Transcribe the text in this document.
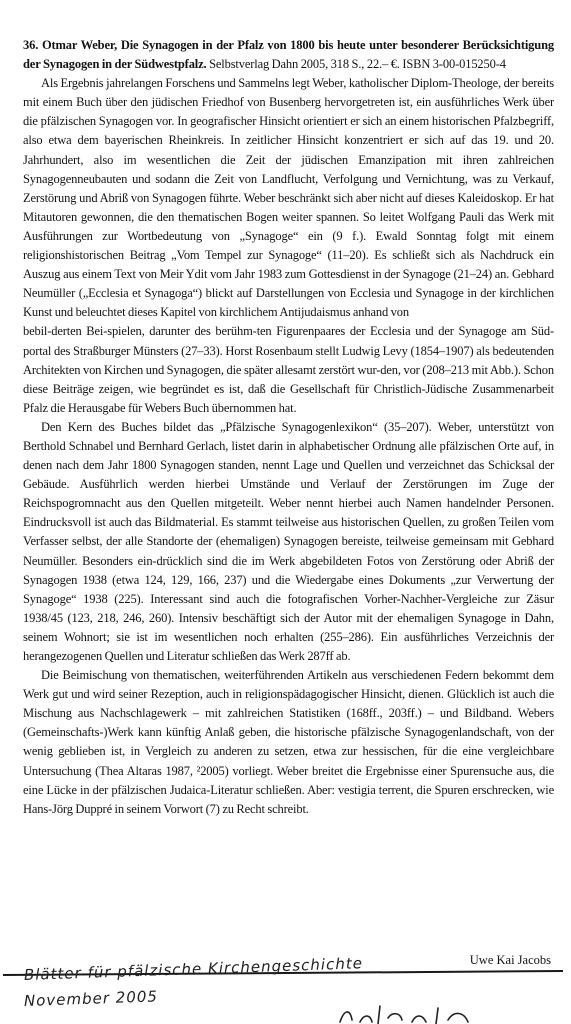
36. Otmar Weber, Die Synagogen in der Pfalz von 1800 bis heute unter besonderer Berücksichtigung der Synagogen in der Südwestpfalz. Selbstverlag Dahn 2005, 318 S., 22.– €. ISBN 3-00-015250-4

Als Ergebnis jahrelangen Forschens und Sammelns legt Weber, katholischer Diplom-Theologe, der bereits mit einem Buch über den jüdischen Friedhof von Busenberg hervorgetreten ist, ein ausführliches Werk über die pfälzischen Synagogen vor. In geografischer Hinsicht orientiert er sich an einem historischen Pfalzbegriff, also etwa dem bayerischen Rheinkreis. In zeitlicher Hinsicht konzentriert er sich auf das 19. und 20. Jahrhundert, also im wesentlichen die Zeit der jüdischen Emanzipation mit ihren zahlreichen Synagogenneubauten und sodann die Zeit von Landflucht, Verfolgung und Vernichtung, was zu Verkauf, Zerstörung und Abriß von Synagogen führte. Weber beschränkt sich aber nicht auf dieses Kaleidoskop. Er hat Mitautoren gewonnen, die den thematischen Bogen weiter spannen. So leitet Wolfgang Pauli das Werk mit Ausführungen zur Wortbedeutung von „Synagoge“ ein (9 f.). Ewald Sonntag folgt mit einem religionshistorischen Beitrag „Vom Tempel zur Synagoge“ (11–20). Es schließt sich als Nachdruck ein Auszug aus einem Text von Meir Ydit vom Jahr 1983 zum Gottesdienst in der Synagoge (21–24) an. Gebhard Neumüller („Ecclesia et Synagoga“) blickt auf Darstellungen von Ecclesia und Synagoge in der kirchlichen Kunst und beleuchtet dieses Kapitel von kirchlichem Antijudaismus anhand von

bebil-derten Bei-spielen, darunter des berühm-ten Figurenpaares der Ecclesia und der Synagoge am Süd-portal des Straßburger Münsters (27–33). Horst Rosenbaum stellt Ludwig Levy (1854–1907) als bedeutenden Architekten von Kirchen und Synagogen, die später allesamt zerstört wur-den, vor (208–213 mit Abb.). Schon diese Beiträge zeigen, wie begründet es ist, daß die Gesellschaft für Christlich-Jüdische Zusammenarbeit Pfalz die Herausgabe für Webers Buch übernommen hat.

Den Kern des Buches bildet das „Pfälzische Synagogenlexikon“ (35–207). Weber, unterstützt von Berthold Schnabel und Bernhard Gerlach, listet darin in alphabetischer Ordnung alle pfälzischen Orte auf, in denen nach dem Jahr 1800 Synagogen standen, nennt Lage und Quellen und verzeichnet das Schicksal der Gebäude. Ausführlich werden hierbei Umstände und Verlauf der Zerstörungen im Zuge der Reichspogromnacht aus den Quellen mitgeteilt. Weber nennt hierbei auch Namen handelnder Personen. Eindrucksvoll ist auch das Bildmaterial. Es stammt teilweise aus historischen Quellen, zu großen Teilen vom Verfasser selbst, der alle Standorte der (ehemaligen) Synagogen bereiste, teilweise gemeinsam mit Gebhard Neumüller. Besonders ein-drücklich sind die im Werk abgebildeten Fotos von Zerstörung oder Abriß der Synagogen 1938 (etwa 124, 129, 166, 237) und die Wiedergabe eines Dokuments „zur Verwertung der Synagoge“ 1938 (225). Interessant sind auch die fotografischen Vorher-Nachher-Vergleiche zur Zäsur 1938/45 (123, 218, 246, 260). Intensiv beschäftigt sich der Autor mit der ehemaligen Synagoge in Dahn, seinem Wohnort; sie ist im wesentlichen noch erhalten (255–286). Ein ausführliches Verzeichnis der herangezogenen Quellen und Literatur schließen das Werk 287ff ab.

Die Beimischung von thematischen, weiterführenden Artikeln aus verschiedenen Federn bekommt dem Werk gut und wird seiner Rezeption, auch in religionspädagogischer Hinsicht, dienen. Glücklich ist auch die Mischung aus Nachschlagewerk – mit zahlreichen Statistiken (168ff., 203ff.) – und Bildband. Webers (Gemeinschafts-)Werk kann künftig Anlaß geben, die historische pfälzische Synagogenlandschaft, von der wenig geblieben ist, in Vergleich zu anderen zu setzen, etwa zur hessischen, für die eine vergleichbare Untersuchung (Thea Altaras 1987, ²2005) vorliegt. Weber breitet die Ergebnisse einer Spurensuche aus, die eine Lücke in der pfälzischen Judaica-Literatur schließen. Aber: vestigia terrent, die Spuren erschrecken, wie Hans-Jörg Duppré in seinem Vorwort (7) zu Recht schreibt.

Uwe Kai Jacobs

Blätter für pfälzische Kirchengeschichte

November 2005
